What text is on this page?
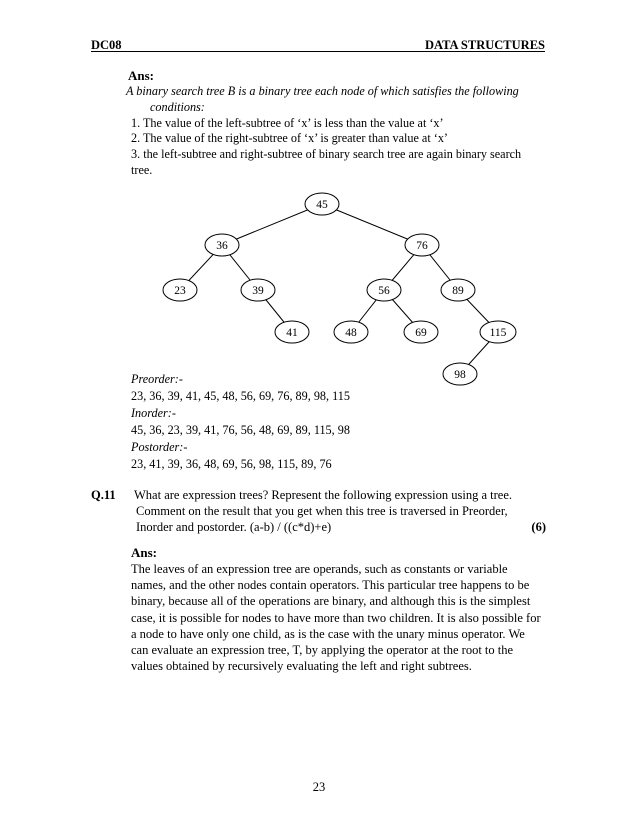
DC08	DATA STRUCTURES
Ans:
A binary search tree B is a binary tree each node of which satisfies the following
conditions:
1. The value of the left-subtree of ‘x’ is less than the value at ‘x’
2. The value of the right-subtree of ‘x’ is greater than value at ‘x’
3. the left-subtree and right-subtree of binary search tree are again binary search
tree.
45
36	76
23	39	56	89
41	48	69	115
98
Preorder:-
23, 36, 39, 41, 45, 48, 56, 69, 76, 89, 98, 115
Inorder:-
45, 36, 23, 39, 41, 76, 56, 48, 69, 89, 115, 98
Postorder:-
23, 41, 39, 36, 48, 69, 56, 98, 115, 89, 76
Q.11 What are expression trees? Represent the following expression using a tree.
Comment on the result that you get when this tree is traversed in Preorder,
Inorder and postorder. (a-b) / ((c*d)+e)	(6)
Ans:
The leaves of an expression tree are operands, such as constants or variable
names, and the other nodes contain operators. This particular tree happens to be
binary, because all of the operations are binary, and although this is the simplest
case, it is possible for nodes to have more than two children. It is also possible for
a node to have only one child, as is the case with the unary minus operator. We
can evaluate an expression tree, T, by applying the operator at the root to the
values obtained by recursively evaluating the left and right subtrees.
23
